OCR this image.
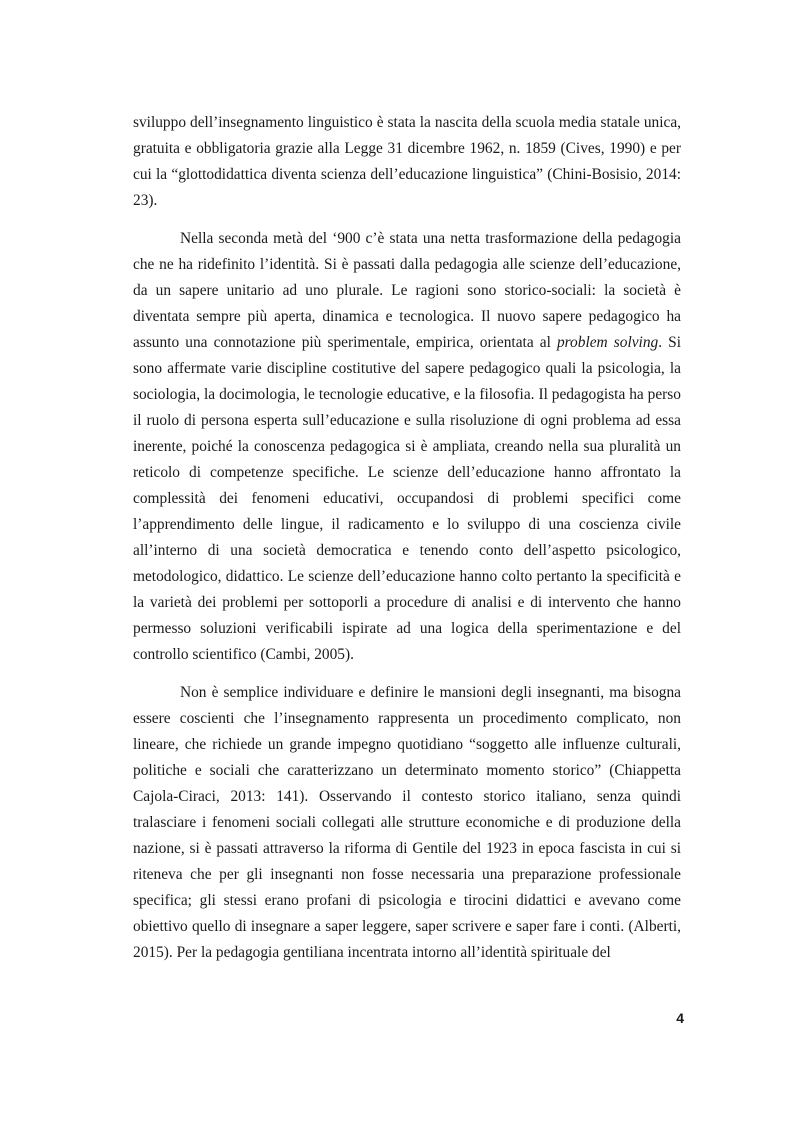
sviluppo dell’insegnamento linguistico è stata la nascita della scuola media statale unica, gratuita e obbligatoria grazie alla Legge 31 dicembre 1962, n. 1859 (Cives, 1990) e per cui la “glottodidattica diventa scienza dell’educazione linguistica” (Chini-Bosisio, 2014: 23).

Nella seconda metà del ‘900 c’è stata una netta trasformazione della pedagogia che ne ha ridefinito l’identità. Si è passati dalla pedagogia alle scienze dell’educazione, da un sapere unitario ad uno plurale. Le ragioni sono storico-sociali: la società è diventata sempre più aperta, dinamica e tecnologica. Il nuovo sapere pedagogico ha assunto una connotazione più sperimentale, empirica, orientata al problem solving. Si sono affermate varie discipline costitutive del sapere pedagogico quali la psicologia, la sociologia, la docimologia, le tecnologie educative, e la filosofia. Il pedagogista ha perso il ruolo di persona esperta sull’educazione e sulla risoluzione di ogni problema ad essa inerente, poiché la conoscenza pedagogica si è ampliata, creando nella sua pluralità un reticolo di competenze specifiche. Le scienze dell’educazione hanno affrontato la complessità dei fenomeni educativi, occupandosi di problemi specifici come l’apprendimento delle lingue, il radicamento e lo sviluppo di una coscienza civile all’interno di una società democratica e tenendo conto dell’aspetto psicologico, metodologico, didattico. Le scienze dell’educazione hanno colto pertanto la specificità e la varietà dei problemi per sottoporli a procedure di analisi e di intervento che hanno permesso soluzioni verificabili ispirate ad una logica della sperimentazione e del controllo scientifico (Cambi, 2005).

Non è semplice individuare e definire le mansioni degli insegnanti, ma bisogna essere coscienti che l’insegnamento rappresenta un procedimento complicato, non lineare, che richiede un grande impegno quotidiano “soggetto alle influenze culturali, politiche e sociali che caratterizzano un determinato momento storico” (Chiappetta Cajola-Ciraci, 2013: 141). Osservando il contesto storico italiano, senza quindi tralasciare i fenomeni sociali collegati alle strutture economiche e di produzione della nazione, si è passati attraverso la riforma di Gentile del 1923 in epoca fascista in cui si riteneva che per gli insegnanti non fosse necessaria una preparazione professionale specifica; gli stessi erano profani di psicologia e tirocini didattici e avevano come obiettivo quello di insegnare a saper leggere, saper scrivere e saper fare i conti. (Alberti, 2015). Per la pedagogia gentiliana incentrata intorno all’identità spirituale del

4
